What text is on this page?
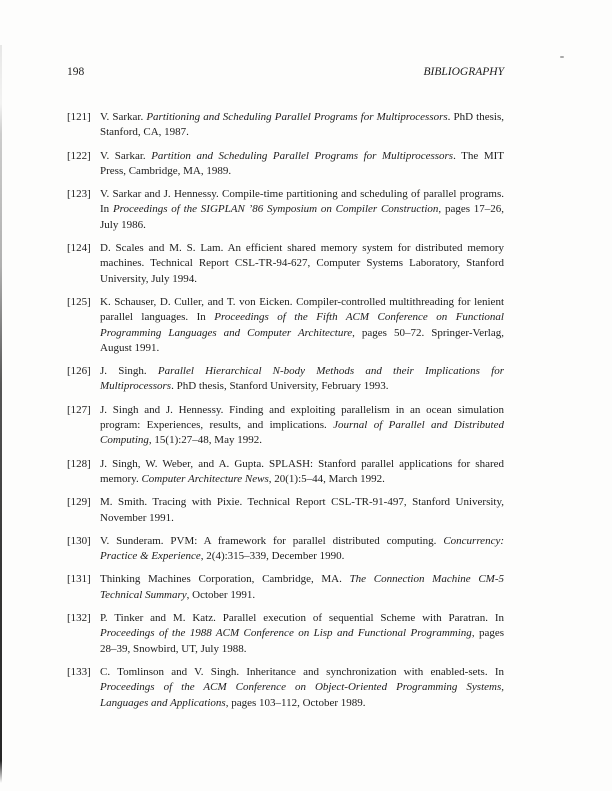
198	BIBLIOGRAPHY
[121] V. Sarkar. Partitioning and Scheduling Parallel Programs for Multiprocessors. PhD thesis, Stanford, CA, 1987.
[122] V. Sarkar. Partition and Scheduling Parallel Programs for Multiprocessors. The MIT Press, Cambridge, MA, 1989.
[123] V. Sarkar and J. Hennessy. Compile-time partitioning and scheduling of parallel programs. In Proceedings of the SIGPLAN ’86 Symposium on Compiler Construction, pages 17–26, July 1986.
[124] D. Scales and M. S. Lam. An efficient shared memory system for distributed memory machines. Technical Report CSL-TR-94-627, Computer Systems Laboratory, Stanford University, July 1994.
[125] K. Schauser, D. Culler, and T. von Eicken. Compiler-controlled multithreading for lenient parallel languages. In Proceedings of the Fifth ACM Conference on Functional Programming Languages and Computer Architecture, pages 50–72. Springer-Verlag, August 1991.
[126] J. Singh. Parallel Hierarchical N-body Methods and their Implications for Multiprocessors. PhD thesis, Stanford University, February 1993.
[127] J. Singh and J. Hennessy. Finding and exploiting parallelism in an ocean simulation program: Experiences, results, and implications. Journal of Parallel and Distributed Computing, 15(1):27–48, May 1992.
[128] J. Singh, W. Weber, and A. Gupta. SPLASH: Stanford parallel applications for shared memory. Computer Architecture News, 20(1):5–44, March 1992.
[129] M. Smith. Tracing with Pixie. Technical Report CSL-TR-91-497, Stanford University, November 1991.
[130] V. Sunderam. PVM: A framework for parallel distributed computing. Concurrency: Practice & Experience, 2(4):315–339, December 1990.
[131] Thinking Machines Corporation, Cambridge, MA. The Connection Machine CM-5 Technical Summary, October 1991.
[132] P. Tinker and M. Katz. Parallel execution of sequential Scheme with Paratran. In Proceedings of the 1988 ACM Conference on Lisp and Functional Programming, pages 28–39, Snowbird, UT, July 1988.
[133] C. Tomlinson and V. Singh. Inheritance and synchronization with enabled-sets. In Proceedings of the ACM Conference on Object-Oriented Programming Systems, Languages and Applications, pages 103–112, October 1989.
